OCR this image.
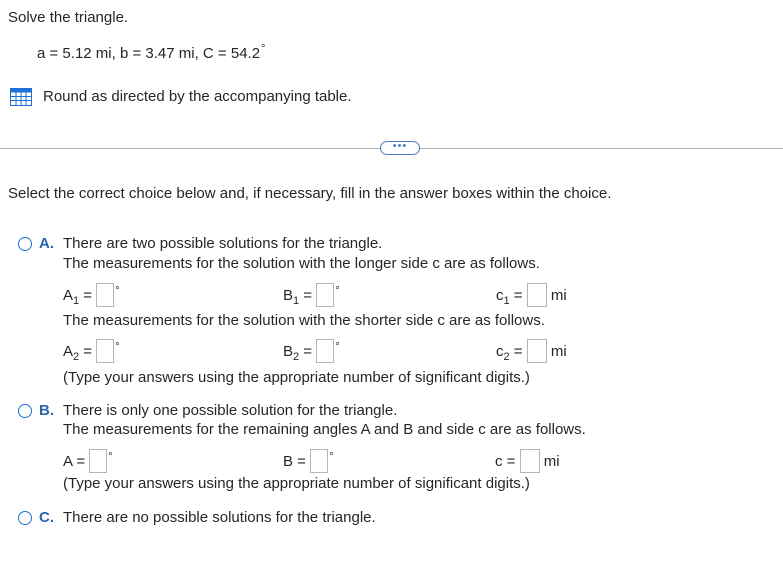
Solve the triangle.
a = 5.12 mi, b = 3.47 mi, C = 54.2°
Round as directed by the accompanying table.
•••
Select the correct choice below and, if necessary, fill in the answer boxes within the choice.
A. There are two possible solutions for the triangle.
The measurements for the solution with the longer side c are as follows.
$A_1 = ^\circ$	$B_1 = ^\circ$	$c_1$ = mi
The measurements for the solution with the shorter side c are as follows.
$A_2 = ^\circ$	$B_2 = ^\circ$	$c_2$ = mi
(Type your answers using the appropriate number of significant digits.)
B. There is only one possible solution for the triangle.
The measurements for the remaining angles A and B and side c are as follows.
A = °	B = °	c = mi
(Type your answers using the appropriate number of significant digits.)
C. There are no possible solutions for the triangle.
